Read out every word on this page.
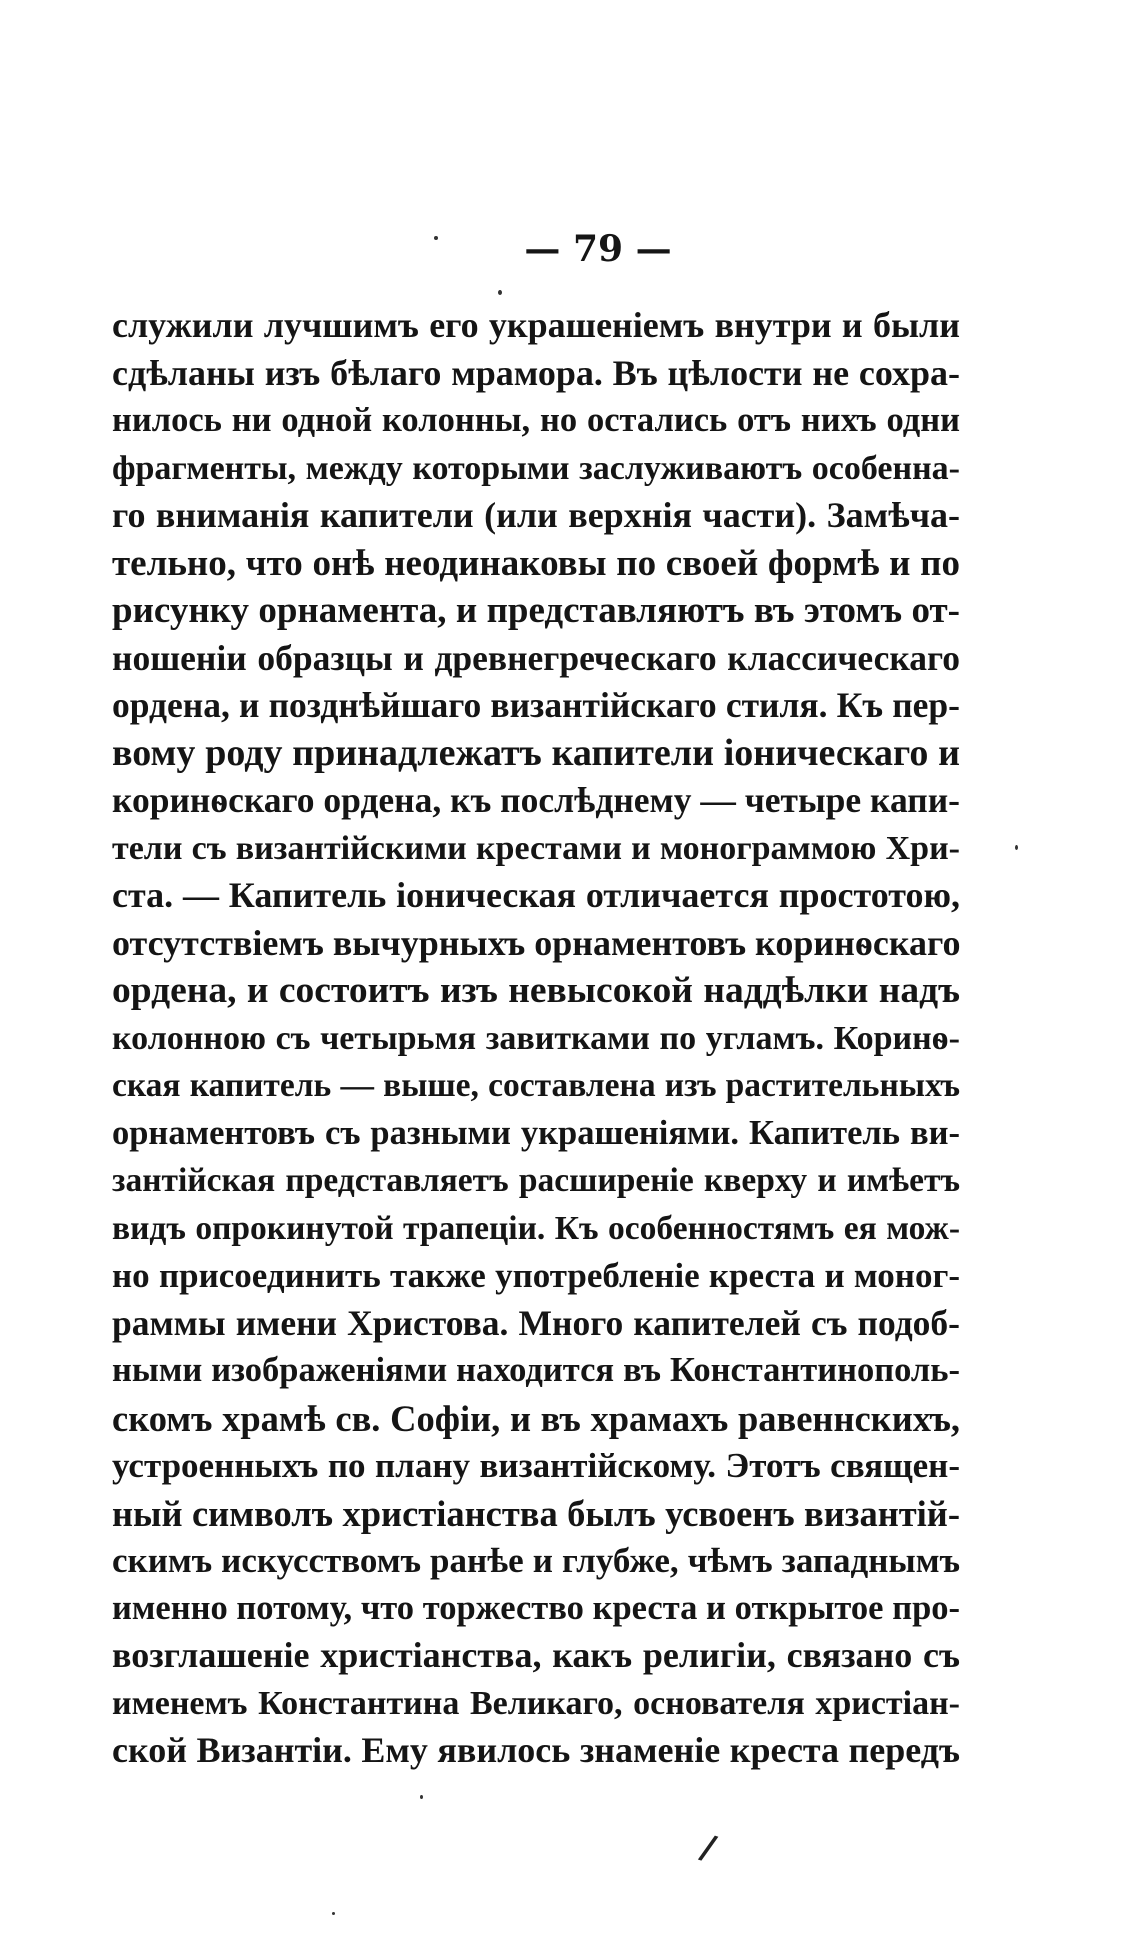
— 79 —
служили лучшимъ его украшеніемъ внутри и были
сдѣланы изъ бѣлаго мрамора. Въ цѣлости не сохра-
нилось ни одной колонны, но остались отъ нихъ одни
фрагменты, между которыми заслуживаютъ особенна-
го вниманія капители (или верхнія части). Замѣча-
тельно, что онѣ неодинаковы по своей формѣ и по
рисунку орнамента, и представляютъ въ этомъ от-
ношеніи образцы и древнегреческаго классическаго
ордена, и позднѣйшаго византійскаго стиля. Къ пер-
вому роду принадлежатъ капители іоническаго и
коринѳскаго ордена, къ послѣднему — четыре капи-
тели съ византійскими крестами и монограммою Хри-
ста. — Капитель іоническая отличается простотою,
отсутствіемъ вычурныхъ орнаментовъ коринѳскаго
ордена, и состоитъ изъ невысокой наддѣлки надъ
колонною съ четырьмя завитками по угламъ. Коринѳ-
ская капитель — выше, составлена изъ растительныхъ
орнаментовъ съ разными украшеніями. Капитель ви-
зантійская представляетъ расширеніе кверху и имѣетъ
видъ опрокинутой трапеціи. Къ особенностямъ ея мож-
но присоединить также употребленіе креста и моног-
раммы имени Христова. Много капителей съ подоб-
ными изображеніями находится въ Константинополь-
скомъ храмѣ св. Софіи, и въ храмахъ равеннскихъ,
устроенныхъ по плану византійскому. Этотъ священ-
ный символъ христіанства былъ усвоенъ византій-
скимъ искусствомъ ранѣе и глубже, чѣмъ западнымъ
именно потому, что торжество креста и открытое про-
возглашеніе христіанства, какъ религіи, связано съ
именемъ Константина Великаго, основателя христіан-
ской Византіи. Ему явилось знаменіе креста передъ
/
